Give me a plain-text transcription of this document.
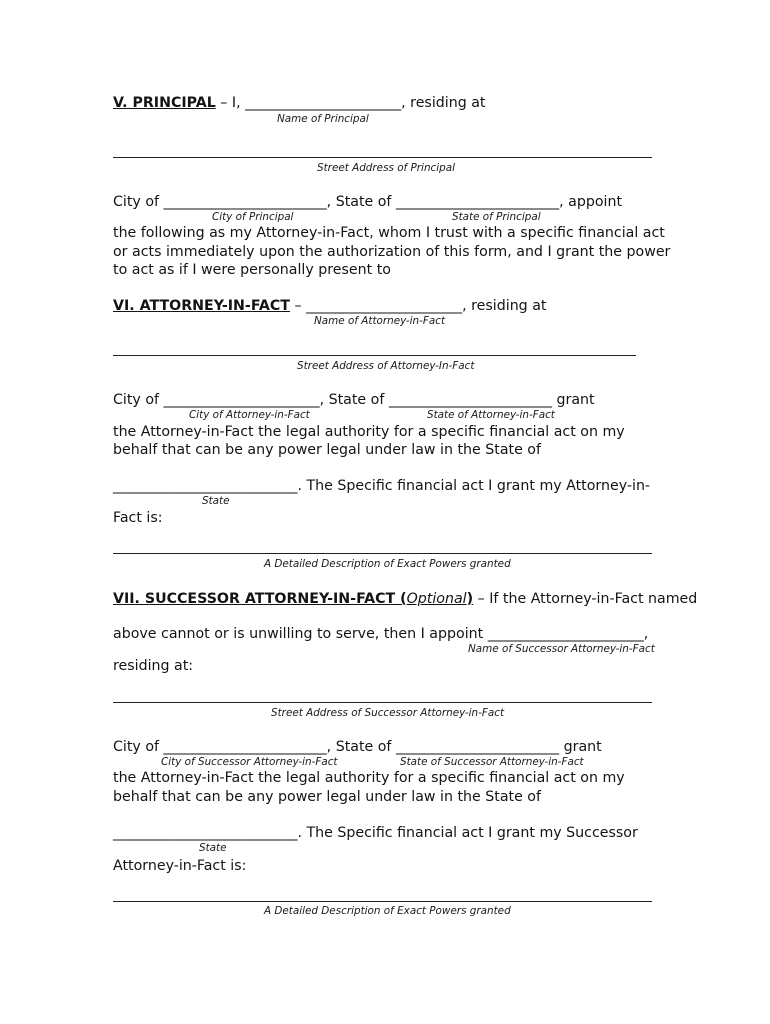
V. PRINCIPAL – I, ______________________, residing at
Name of Principal
Street Address of Principal
City of _______________________, State of _______________________, appoint
City of Principal	State of Principal
the following as my Attorney-in-Fact, whom I trust with a specific financial act
or acts immediately upon the authorization of this form, and I grant the power
to act as if I were personally present to
VI. ATTORNEY-IN-FACT – ______________________, residing at
Name of Attorney-in-Fact
Street Address of Attorney-In-Fact
City of ______________________, State of _______________________ grant
City of Attorney-in-Fact	State of Attorney-in-Fact
the Attorney-in-Fact the legal authority for a specific financial act on my
behalf that can be any power legal under law in the State of
__________________________. The Specific financial act I grant my Attorney-in-
State
Fact is:
A Detailed Description of Exact Powers granted
VII. SUCCESSOR ATTORNEY-IN-FACT (Optional) – If the Attorney-in-Fact named
above cannot or is unwilling to serve, then I appoint ______________________,
Name of Successor Attorney-in-Fact
residing at:
Street Address of Successor Attorney-in-Fact
City of _______________________, State of _______________________ grant
City of Successor Attorney-in-Fact	State of Successor Attorney-in-Fact
the Attorney-in-Fact the legal authority for a specific financial act on my
behalf that can be any power legal under law in the State of
__________________________. The Specific financial act I grant my Successor
State
Attorney-in-Fact is:
A Detailed Description of Exact Powers granted
